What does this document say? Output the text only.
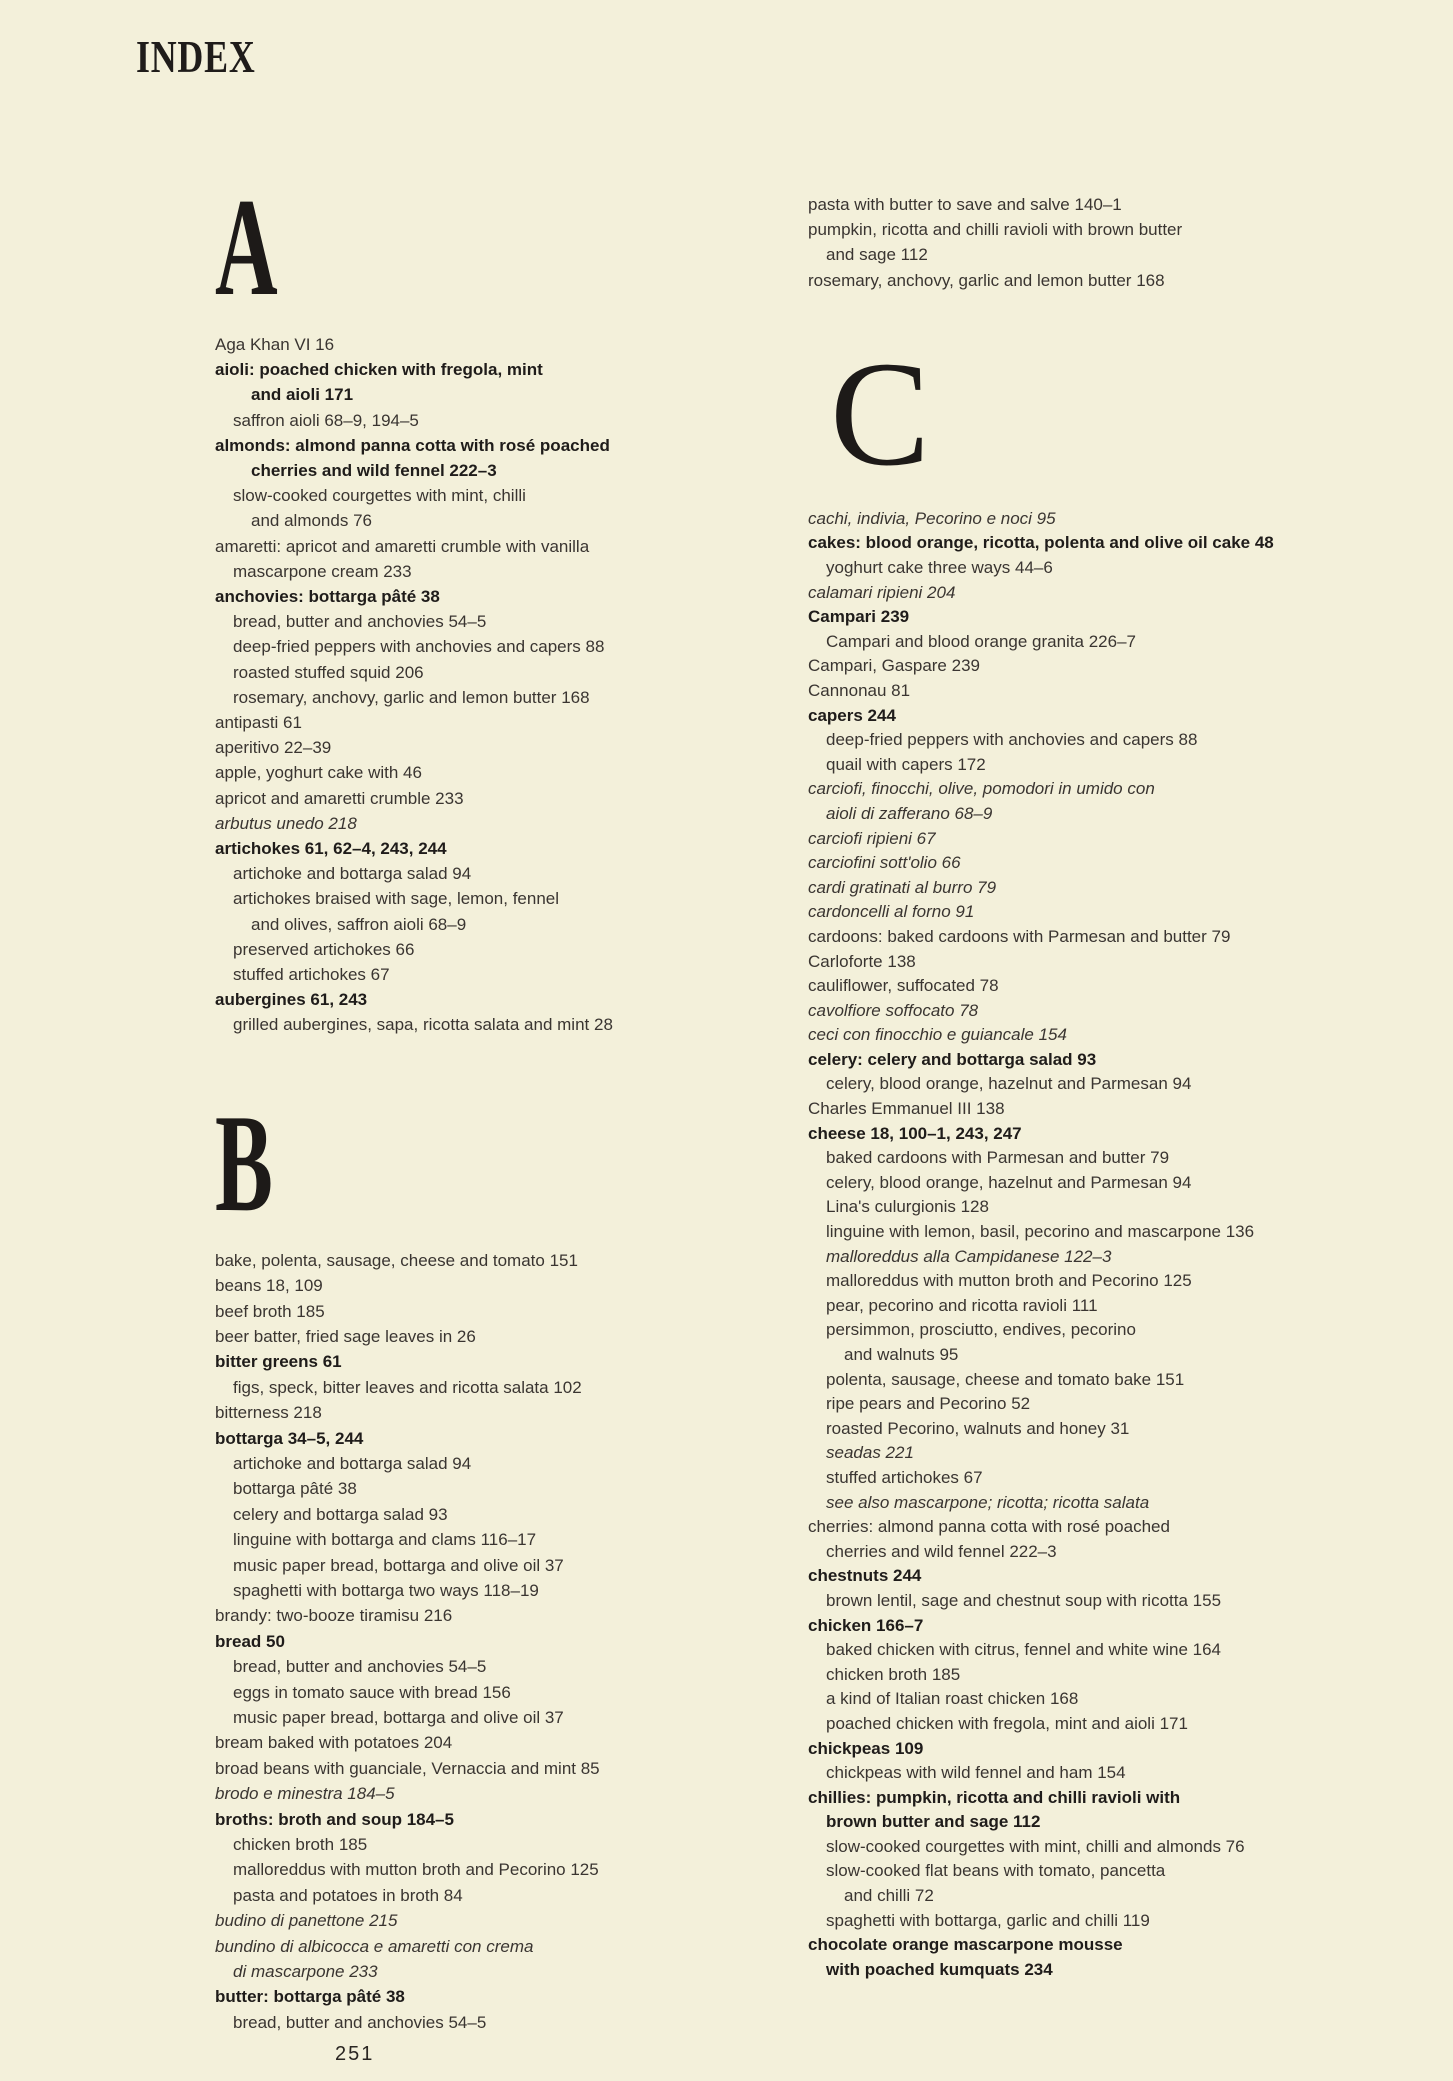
INDEX
A
Aga Khan VI 16
aioli: poached chicken with fregola, mint
and aioli 171
saffron aioli 68–9, 194–5
almonds: almond panna cotta with rosé poached
cherries and wild fennel 222–3
slow-cooked courgettes with mint, chilli
and almonds 76
amaretti: apricot and amaretti crumble with vanilla
mascarpone cream 233
anchovies: bottarga pâté 38
bread, butter and anchovies 54–5
deep-fried peppers with anchovies and capers 88
roasted stuffed squid 206
rosemary, anchovy, garlic and lemon butter 168
antipasti 61
aperitivo 22–39
apple, yoghurt cake with 46
apricot and amaretti crumble 233
arbutus unedo 218
artichokes 61, 62–4, 243, 244
artichoke and bottarga salad 94
artichokes braised with sage, lemon, fennel
and olives, saffron aioli 68–9
preserved artichokes 66
stuffed artichokes 67
aubergines 61, 243
grilled aubergines, sapa, ricotta salata and mint 28
B
bake, polenta, sausage, cheese and tomato 151
beans 18, 109
beef broth 185
beer batter, fried sage leaves in 26
bitter greens 61
figs, speck, bitter leaves and ricotta salata 102
bitterness 218
bottarga 34–5, 244
artichoke and bottarga salad 94
bottarga pâté 38
celery and bottarga salad 93
linguine with bottarga and clams 116–17
music paper bread, bottarga and olive oil 37
spaghetti with bottarga two ways 118–19
brandy: two-booze tiramisu 216
bread 50
bread, butter and anchovies 54–5
eggs in tomato sauce with bread 156
music paper bread, bottarga and olive oil 37
bream baked with potatoes 204
broad beans with guanciale, Vernaccia and mint 85
brodo e minestra 184–5
broths: broth and soup 184–5
chicken broth 185
malloreddus with mutton broth and Pecorino 125
pasta and potatoes in broth 84
budino di panettone 215
bundino di albicocca e amaretti con crema
di mascarpone 233
butter: bottarga pâté 38
bread, butter and anchovies 54–5
pasta with butter to save and salve 140–1
pumpkin, ricotta and chilli ravioli with brown butter
and sage 112
rosemary, anchovy, garlic and lemon butter 168
C
cachi, indivia, Pecorino e noci 95
cakes: blood orange, ricotta, polenta and olive oil cake 48
yoghurt cake three ways 44–6
calamari ripieni 204
Campari 239
Campari and blood orange granita 226–7
Campari, Gaspare 239
Cannonau 81
capers 244
deep-fried peppers with anchovies and capers 88
quail with capers 172
carciofi, finocchi, olive, pomodori in umido con
aioli di zafferano 68–9
carciofi ripieni 67
carciofini sott'olio 66
cardi gratinati al burro 79
cardoncelli al forno 91
cardoons: baked cardoons with Parmesan and butter 79
Carloforte 138
cauliflower, suffocated 78
cavolfiore soffocato 78
ceci con finocchio e guiancale 154
celery: celery and bottarga salad 93
celery, blood orange, hazelnut and Parmesan 94
Charles Emmanuel III 138
cheese 18, 100–1, 243, 247
baked cardoons with Parmesan and butter 79
celery, blood orange, hazelnut and Parmesan 94
Lina's culurgionis 128
linguine with lemon, basil, pecorino and mascarpone 136
malloreddus alla Campidanese 122–3
malloreddus with mutton broth and Pecorino 125
pear, pecorino and ricotta ravioli 111
persimmon, prosciutto, endives, pecorino
and walnuts 95
polenta, sausage, cheese and tomato bake 151
ripe pears and Pecorino 52
roasted Pecorino, walnuts and honey 31
seadas 221
stuffed artichokes 67
see also mascarpone; ricotta; ricotta salata
cherries: almond panna cotta with rosé poached
cherries and wild fennel 222–3
chestnuts 244
brown lentil, sage and chestnut soup with ricotta 155
chicken 166–7
baked chicken with citrus, fennel and white wine 164
chicken broth 185
a kind of Italian roast chicken 168
poached chicken with fregola, mint and aioli 171
chickpeas 109
chickpeas with wild fennel and ham 154
chillies: pumpkin, ricotta and chilli ravioli with
brown butter and sage 112
slow-cooked courgettes with mint, chilli and almonds 76
slow-cooked flat beans with tomato, pancetta
and chilli 72
spaghetti with bottarga, garlic and chilli 119
chocolate orange mascarpone mousse
with poached kumquats 234
251
